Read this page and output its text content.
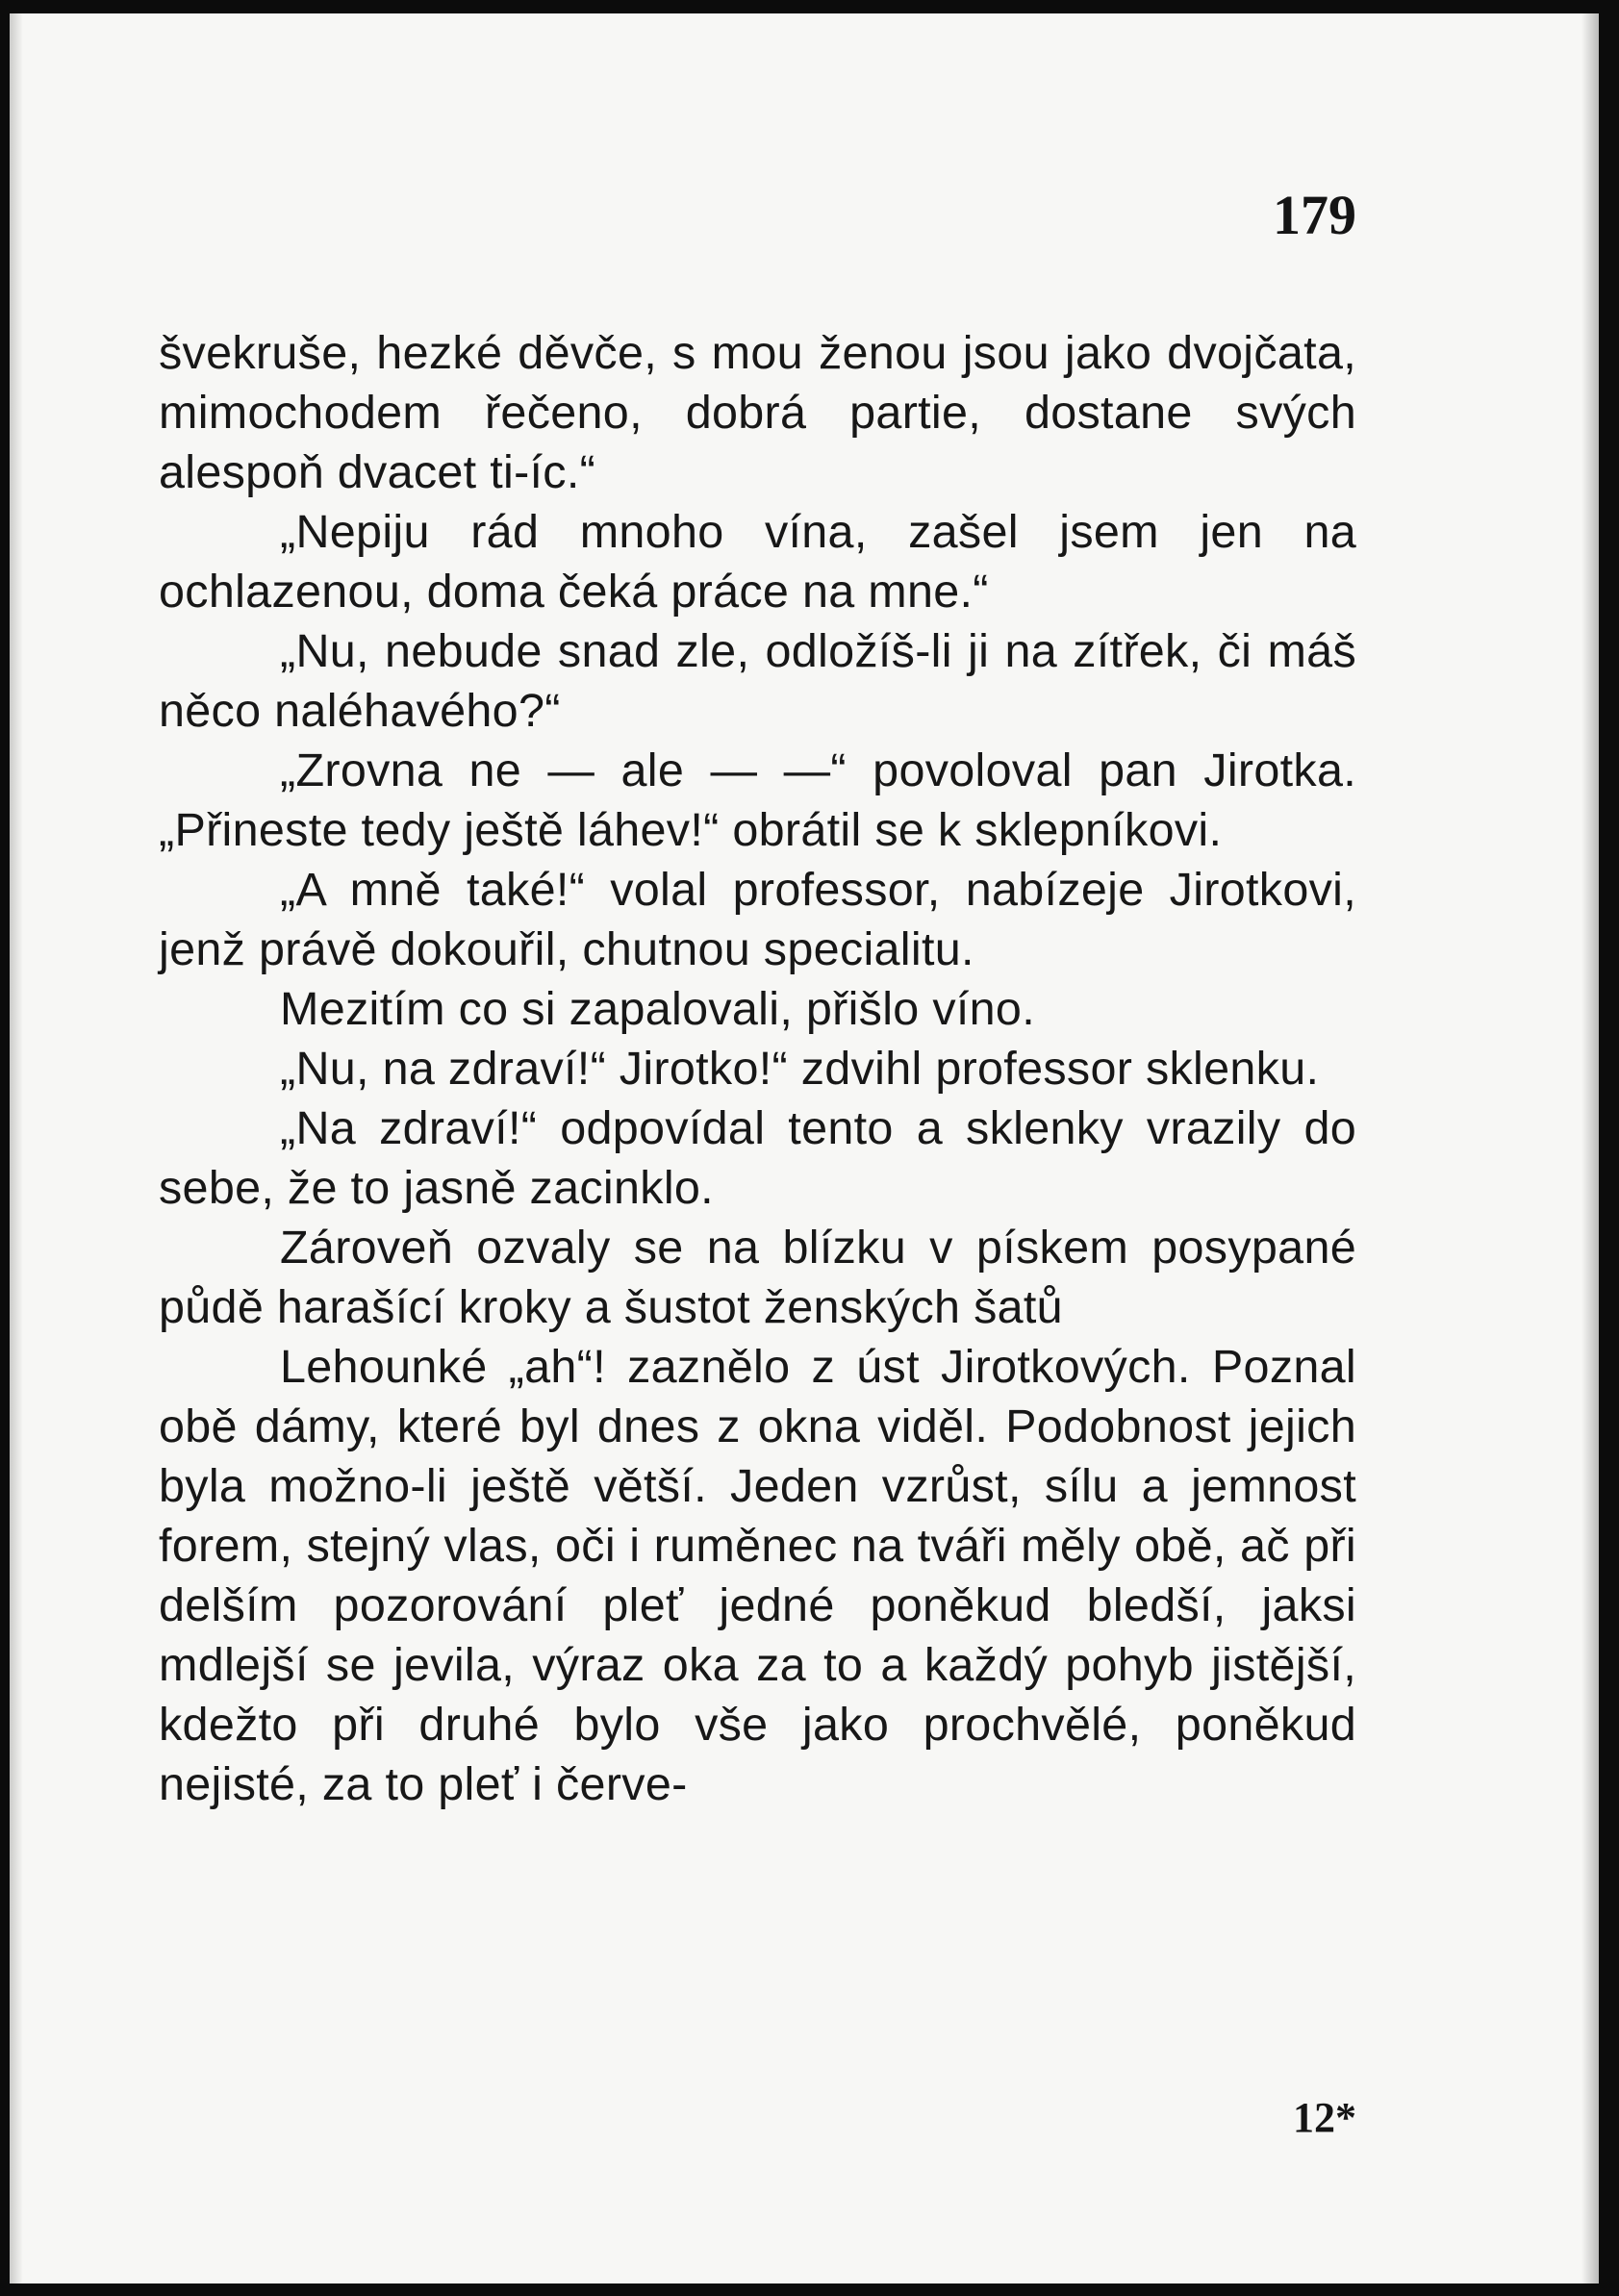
179

švekruše, hezké děvče, s mou ženou jsou jako dvojčata, mimochodem řečeno, dobrá partie, dostane svých alespoň dvacet ti-íc.“

„Nepiju rád mnoho vína, zašel jsem jen na ochlazenou, doma čeká práce na mne.“

„Nu, nebude snad zle, odložíš-li ji na zítřek, či máš něco naléhavého?“

„Zrovna ne — ale — —“ povoloval pan Jirotka. „Přineste tedy ještě láhev!“ obrátil se k sklepníkovi.

„A mně také!“ volal professor, nabízeje Jirotkovi, jenž právě dokouřil, chutnou specialitu.

Mezitím co si zapalovali, přišlo víno.

„Nu, na zdraví!“ Jirotko!“ zdvihl professor sklenku.

„Na zdraví!“ odpovídal tento a sklenky vrazily do sebe, že to jasně zacinklo.

Zároveň ozvaly se na blízku v pískem posypané půdě harašící kroky a šustot ženských šatů

Lehounké „ah“! zaznělo z úst Jirotkových. Poznal obě dámy, které byl dnes z okna viděl. Podobnost jejich byla možno-li ještě větší. Jeden vzrůst, sílu a jemnost forem, stejný vlas, oči i ruměnec na tváři měly obě, ač při delším pozorování pleť jedné poněkud bledší, jaksi mdlejší se jevila, výraz oka za to a každý pohyb jistější, kdežto při druhé bylo vše jako prochvělé, poněkud nejisté, za to pleť i červe-

12*
